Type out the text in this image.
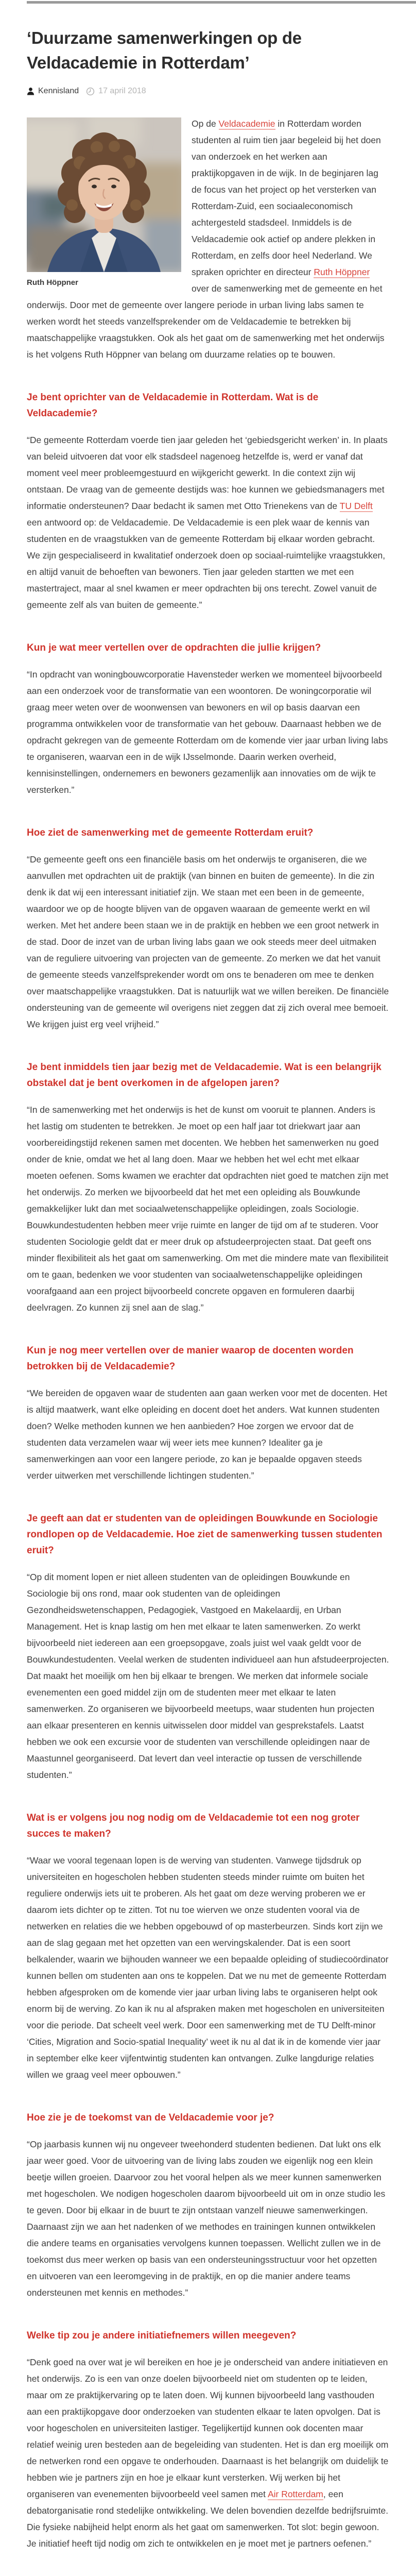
‘Duurzame samenwerkingen op de Veldacademie in Rotterdam’
Kennisland 17 april 2018
Ruth Höppner

Op de Veldacademie in Rotterdam worden studenten al ruim tien jaar begeleid bij het doen van onderzoek en het werken aan praktijkopgaven in de wijk. In de beginjaren lag de focus van het project op het versterken van Rotterdam-Zuid, een sociaaleconomisch achtergesteld stadsdeel. Inmiddels is de Veldacademie ook actief op andere plekken in Rotterdam, en zelfs door heel Nederland. We spraken oprichter en directeur Ruth Höppner over de samenwerking met de gemeente en het onderwijs. Door met de gemeente over langere periode in urban living labs samen te werken wordt het steeds vanzelfsprekender om de Veldacademie te betrekken bij maatschappelijke vraagstukken. Ook als het gaat om de samenwerking met het onderwijs is het volgens Ruth Höppner van belang om duurzame relaties op te bouwen.

Je bent oprichter van de Veldacademie in Rotterdam. Wat is de Veldacademie?

“De gemeente Rotterdam voerde tien jaar geleden het ‘gebiedsgericht werken’ in. In plaats van beleid uitvoeren dat voor elk stadsdeel nagenoeg hetzelfde is, werd er vanaf dat moment veel meer probleemgestuurd en wijkgericht gewerkt. In die context zijn wij ontstaan. De vraag van de gemeente destijds was: hoe kunnen we gebiedsmanagers met informatie ondersteunen? Daar bedacht ik samen met Otto Trienekens van de TU Delft een antwoord op: de Veldacademie. De Veldacademie is een plek waar de kennis van studenten en de vraagstukken van de gemeente Rotterdam bij elkaar worden gebracht. We zijn gespecialiseerd in kwalitatief onderzoek doen op sociaal-ruimtelijke vraagstukken, en altijd vanuit de behoeften van bewoners. Tien jaar geleden startten we met een mastertraject, maar al snel kwamen er meer opdrachten bij ons terecht. Zowel vanuit de gemeente zelf als van buiten de gemeente.”

Kun je wat meer vertellen over de opdrachten die jullie krijgen?

“In opdracht van woningbouwcorporatie Havensteder werken we momenteel bijvoorbeeld aan een onderzoek voor de transformatie van een woontoren. De woningcorporatie wil graag meer weten over de woonwensen van bewoners en wil op basis daarvan een programma ontwikkelen voor de transformatie van het gebouw. Daarnaast hebben we de opdracht gekregen van de gemeente Rotterdam om de komende vier jaar urban living labs te organiseren, waarvan een in de wijk IJsselmonde. Daarin werken overheid, kennisinstellingen, ondernemers en bewoners gezamenlijk aan innovaties om de wijk te versterken.”

Hoe ziet de samenwerking met de gemeente Rotterdam eruit?

“De gemeente geeft ons een financiële basis om het onderwijs te organiseren, die we aanvullen met opdrachten uit de praktijk (van binnen en buiten de gemeente). In die zin denk ik dat wij een interessant initiatief zijn. We staan met een been in de gemeente, waardoor we op de hoogte blijven van de opgaven waaraan de gemeente werkt en wil werken. Met het andere been staan we in de praktijk en hebben we een groot netwerk in de stad. Door de inzet van de urban living labs gaan we ook steeds meer deel uitmaken van de reguliere uitvoering van projecten van de gemeente. Zo merken we dat het vanuit de gemeente steeds vanzelfsprekender wordt om ons te benaderen om mee te denken over maatschappelijke vraagstukken. Dat is natuurlijk wat we willen bereiken. De financiële ondersteuning van de gemeente wil overigens niet zeggen dat zij zich overal mee bemoeit. We krijgen juist erg veel vrijheid.”

Je bent inmiddels tien jaar bezig met de Veldacademie. Wat is een belangrijk obstakel dat je bent overkomen in de afgelopen jaren?

“In de samenwerking met het onderwijs is het de kunst om vooruit te plannen. Anders is het lastig om studenten te betrekken. Je moet op een half jaar tot driekwart jaar aan voorbereidingstijd rekenen samen met docenten. We hebben het samenwerken nu goed onder de knie, omdat we het al lang doen. Maar we hebben het wel echt met elkaar moeten oefenen. Soms kwamen we erachter dat opdrachten niet goed te matchen zijn met het onderwijs. Zo merken we bijvoorbeeld dat het met een opleiding als Bouwkunde gemakkelijker lukt dan met sociaalwetenschappelijke opleidingen, zoals Sociologie. Bouwkundestudenten hebben meer vrije ruimte en langer de tijd om af te studeren. Voor studenten Sociologie geldt dat er meer druk op afstudeerprojecten staat. Dat geeft ons minder flexibiliteit als het gaat om samenwerking. Om met die mindere mate van flexibiliteit om te gaan, bedenken we voor studenten van sociaalwetenschappelijke opleidingen voorafgaand aan een project bijvoorbeeld concrete opgaven en formuleren daarbij deelvragen. Zo kunnen zij snel aan de slag.”

Kun je nog meer vertellen over de manier waarop de docenten worden betrokken bij de Veldacademie?

“We bereiden de opgaven waar de studenten aan gaan werken voor met de docenten. Het is altijd maatwerk, want elke opleiding en docent doet het anders. Wat kunnen studenten doen? Welke methoden kunnen we hen aanbieden? Hoe zorgen we ervoor dat de studenten data verzamelen waar wij weer iets mee kunnen? Idealiter ga je samenwerkingen aan voor een langere periode, zo kan je bepaalde opgaven steeds verder uitwerken met verschillende lichtingen studenten.”

Je geeft aan dat er studenten van de opleidingen Bouwkunde en Sociologie rondlopen op de Veldacademie. Hoe ziet de samenwerking tussen studenten eruit?

“Op dit moment lopen er niet alleen studenten van de opleidingen Bouwkunde en Sociologie bij ons rond, maar ook studenten van de opleidingen Gezondheidswetenschappen, Pedagogiek, Vastgoed en Makelaardij, en Urban Management. Het is knap lastig om hen met elkaar te laten samenwerken. Zo werkt bijvoorbeeld niet iedereen aan een groepsopgave, zoals juist wel vaak geldt voor de Bouwkundestudenten. Veelal werken de studenten individueel aan hun afstudeerprojecten. Dat maakt het moeilijk om hen bij elkaar te brengen. We merken dat informele sociale evenementen een goed middel zijn om de studenten meer met elkaar te laten samenwerken. Zo organiseren we bijvoorbeeld meetups, waar studenten hun projecten aan elkaar presenteren en kennis uitwisselen door middel van gesprekstafels. Laatst hebben we ook een excursie voor de studenten van verschillende opleidingen naar de Maastunnel georganiseerd. Dat levert dan veel interactie op tussen de verschillende studenten.”

Wat is er volgens jou nog nodig om de Veldacademie tot een nog groter succes te maken?

“Waar we vooral tegenaan lopen is de werving van studenten. Vanwege tijdsdruk op universiteiten en hogescholen hebben studenten steeds minder ruimte om buiten het reguliere onderwijs iets uit te proberen. Als het gaat om deze werving proberen we er daarom iets dichter op te zitten. Tot nu toe wierven we onze studenten vooral via de netwerken en relaties die we hebben opgebouwd of op masterbeurzen. Sinds kort zijn we aan de slag gegaan met het opzetten van een wervingskalender. Dat is een soort belkalender, waarin we bijhouden wanneer we een bepaalde opleiding of studiecoördinator kunnen bellen om studenten aan ons te koppelen. Dat we nu met de gemeente Rotterdam hebben afgesproken om de komende vier jaar urban living labs te organiseren helpt ook enorm bij de werving. Zo kan ik nu al afspraken maken met hogescholen en universiteiten voor die periode. Dat scheelt veel werk. Door een samenwerking met de TU Delft-minor ‘Cities, Migration and Socio-spatial Inequality’ weet ik nu al dat ik in de komende vier jaar in september elke keer vijfentwintig studenten kan ontvangen. Zulke langdurige relaties willen we graag veel meer opbouwen.”

Hoe zie je de toekomst van de Veldacademie voor je?

“Op jaarbasis kunnen wij nu ongeveer tweehonderd studenten bedienen. Dat lukt ons elk jaar weer goed. Voor de uitvoering van de living labs zouden we eigenlijk nog een klein beetje willen groeien. Daarvoor zou het vooral helpen als we meer kunnen samenwerken met hogescholen. We nodigen hogescholen daarom bijvoorbeeld uit om in onze studio les te geven. Door bij elkaar in de buurt te zijn ontstaan vanzelf nieuwe samenwerkingen. Daarnaast zijn we aan het nadenken of we methodes en trainingen kunnen ontwikkelen die andere teams en organisaties vervolgens kunnen toepassen. Wellicht zullen we in de toekomst dus meer werken op basis van een ondersteuningsstructuur voor het opzetten en uitvoeren van een leeromgeving in de praktijk, en op die manier andere teams ondersteunen met kennis en methodes.”

Welke tip zou je andere initiatiefnemers willen meegeven?

“Denk goed na over wat je wil bereiken en hoe je je onderscheid van andere initiatieven en het onderwijs. Zo is een van onze doelen bijvoorbeeld niet om studenten op te leiden, maar om ze praktijkervaring op te laten doen. Wij kunnen bijvoorbeeld lang vasthouden aan een praktijkopgave door onderzoeken van studenten elkaar te laten opvolgen. Dat is voor hogescholen en universiteiten lastiger. Tegelijkertijd kunnen ook docenten maar relatief weinig uren besteden aan de begeleiding van studenten. Het is dan erg moeilijk om de netwerken rond een opgave te onderhouden. Daarnaast is het belangrijk om duidelijk te hebben wie je partners zijn en hoe je elkaar kunt versterken. Wij werken bij het organiseren van evenementen bijvoorbeeld veel samen met Air Rotterdam, een debatorganisatie rond stedelijke ontwikkeling. We delen bovendien dezelfde bedrijfsruimte. Die fysieke nabijheid helpt enorm als het gaat om samenwerken. Tot slot: begin gewoon. Je initiatief heeft tijd nodig om zich te ontwikkelen en je moet met je partners oefenen.”
